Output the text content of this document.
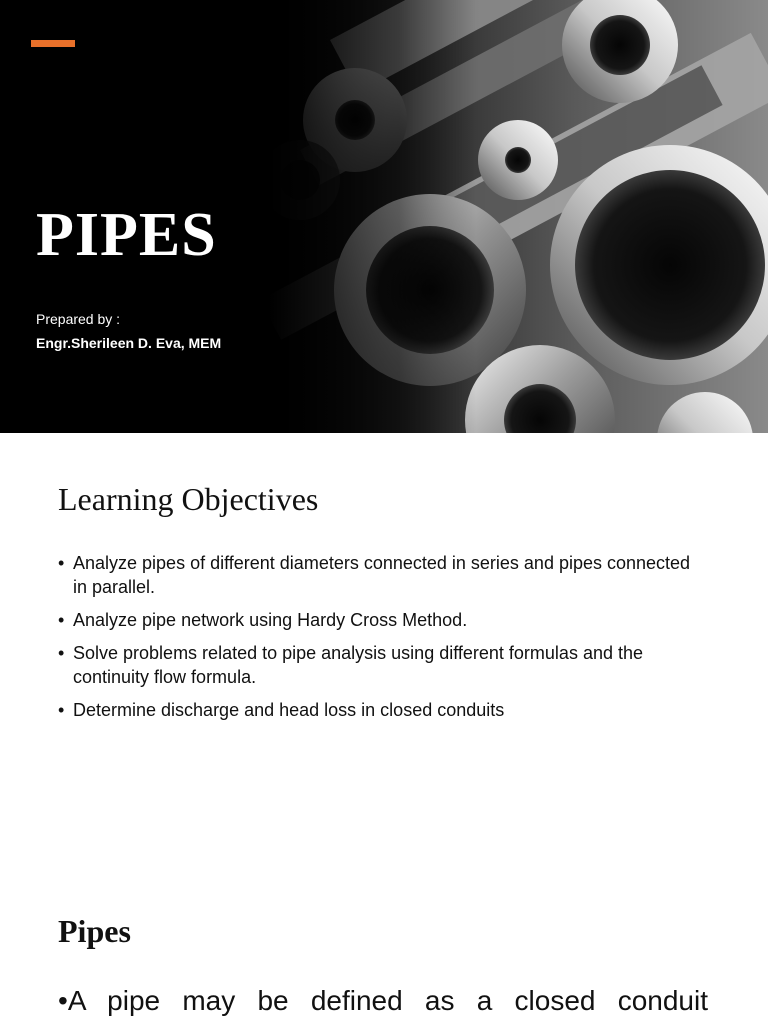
PIPES
Prepared by :
Engr.Sherileen D. Eva, MEM
Learning Objectives
• Analyze pipes of different diameters connected in series and pipes connected in parallel.
• Analyze pipe network using Hardy Cross Method.
• Solve problems related to pipe analysis using different formulas and the continuity flow formula.
• Determine discharge and head loss in closed conduits
Pipes

•A pipe may be defined as a closed conduit
